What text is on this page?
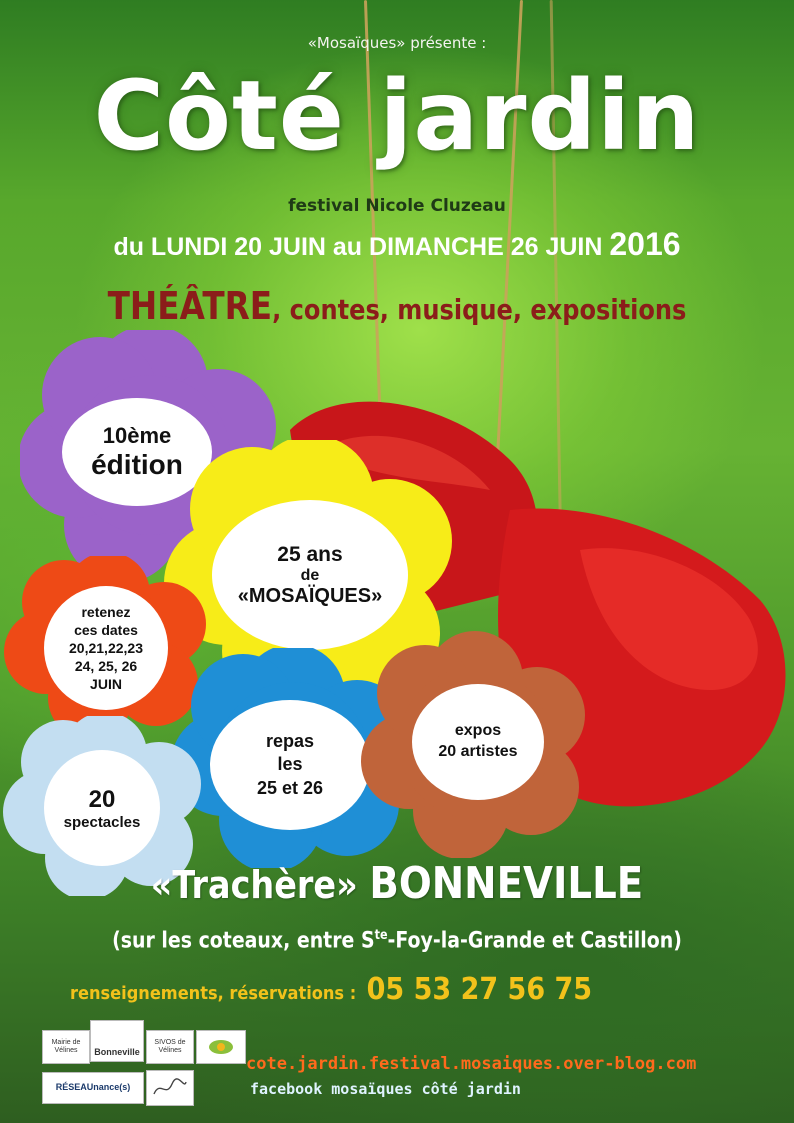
«Mosaïques» présente :
Côté jardin
festival Nicole Cluzeau
du LUNDI 20 JUIN au DIMANCHE 26 JUIN 2016
THÉÂTRE, contes, musique, expositions
10ème
édition
25 ans
de
«MOSAÏQUES»
retenez
ces dates
20,21,22,23
24, 25, 26
JUIN
repas
les
25 et 26
20
spectacles
expos
20 artistes
«Trachère» BONNEVILLE
(sur les coteaux, entre $S^{te}-Foy-la$-Grande et Castillon)
renseignements, réservations : 05 53 27 56 75
Mairie de Vélines	Bonneville
SIVOS de Vélines
RÉSEAUnance(s)
cote.jardin.festival.mosaiques.over-blog.com
facebook mosaïques côté jardin
